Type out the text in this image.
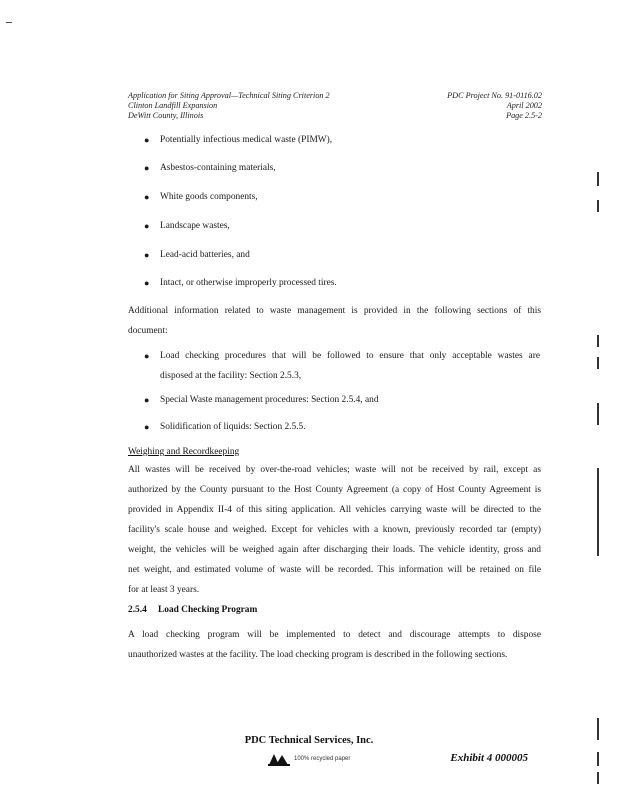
Application for Siting Approval—Technical Siting Criterion 2
Clinton Landfill Expansion
DeWitt County, Illinois
PDC Project No. 91-0116.02
April 2002
Page 2.5-2
● Potentially infectious medical waste (PIMW),
● Asbestos-containing materials,
● White goods components,
● Landscape wastes,
● Lead-acid batteries, and
● Intact, or otherwise improperly processed tires.
Additional information related to waste management is provided in the following sections of this
document:
● Load checking procedures that will be followed to ensure that only acceptable wastes are
disposed at the facility: Section 2.5.3,
● Special Waste management procedures: Section 2.5.4, and
● Solidification of liquids: Section 2.5.5.
Weighing and Recordkeeping
All wastes will be received by over-the-road vehicles; waste will not be received by rail, except as
authorized by the County pursuant to the Host County Agreement (a copy of Host County Agreement is
provided in Appendix II-4 of this siting application. All vehicles carrying waste will be directed to the
facility's scale house and weighed. Except for vehicles with a known, previously recorded tar (empty)
weight, the vehicles will be weighed again after discharging their loads. The vehicle identity, gross and
net weight, and estimated volume of waste will be recorded. This information will be retained on file
for at least 3 years.
2.5.4 Load Checking Program
A load checking program will be implemented to detect and discourage attempts to dispose
unauthorized wastes at the facility. The load checking program is described in the following sections.
PDC Technical Services, Inc.
100% recycled paper	Exhibit 4 000005
